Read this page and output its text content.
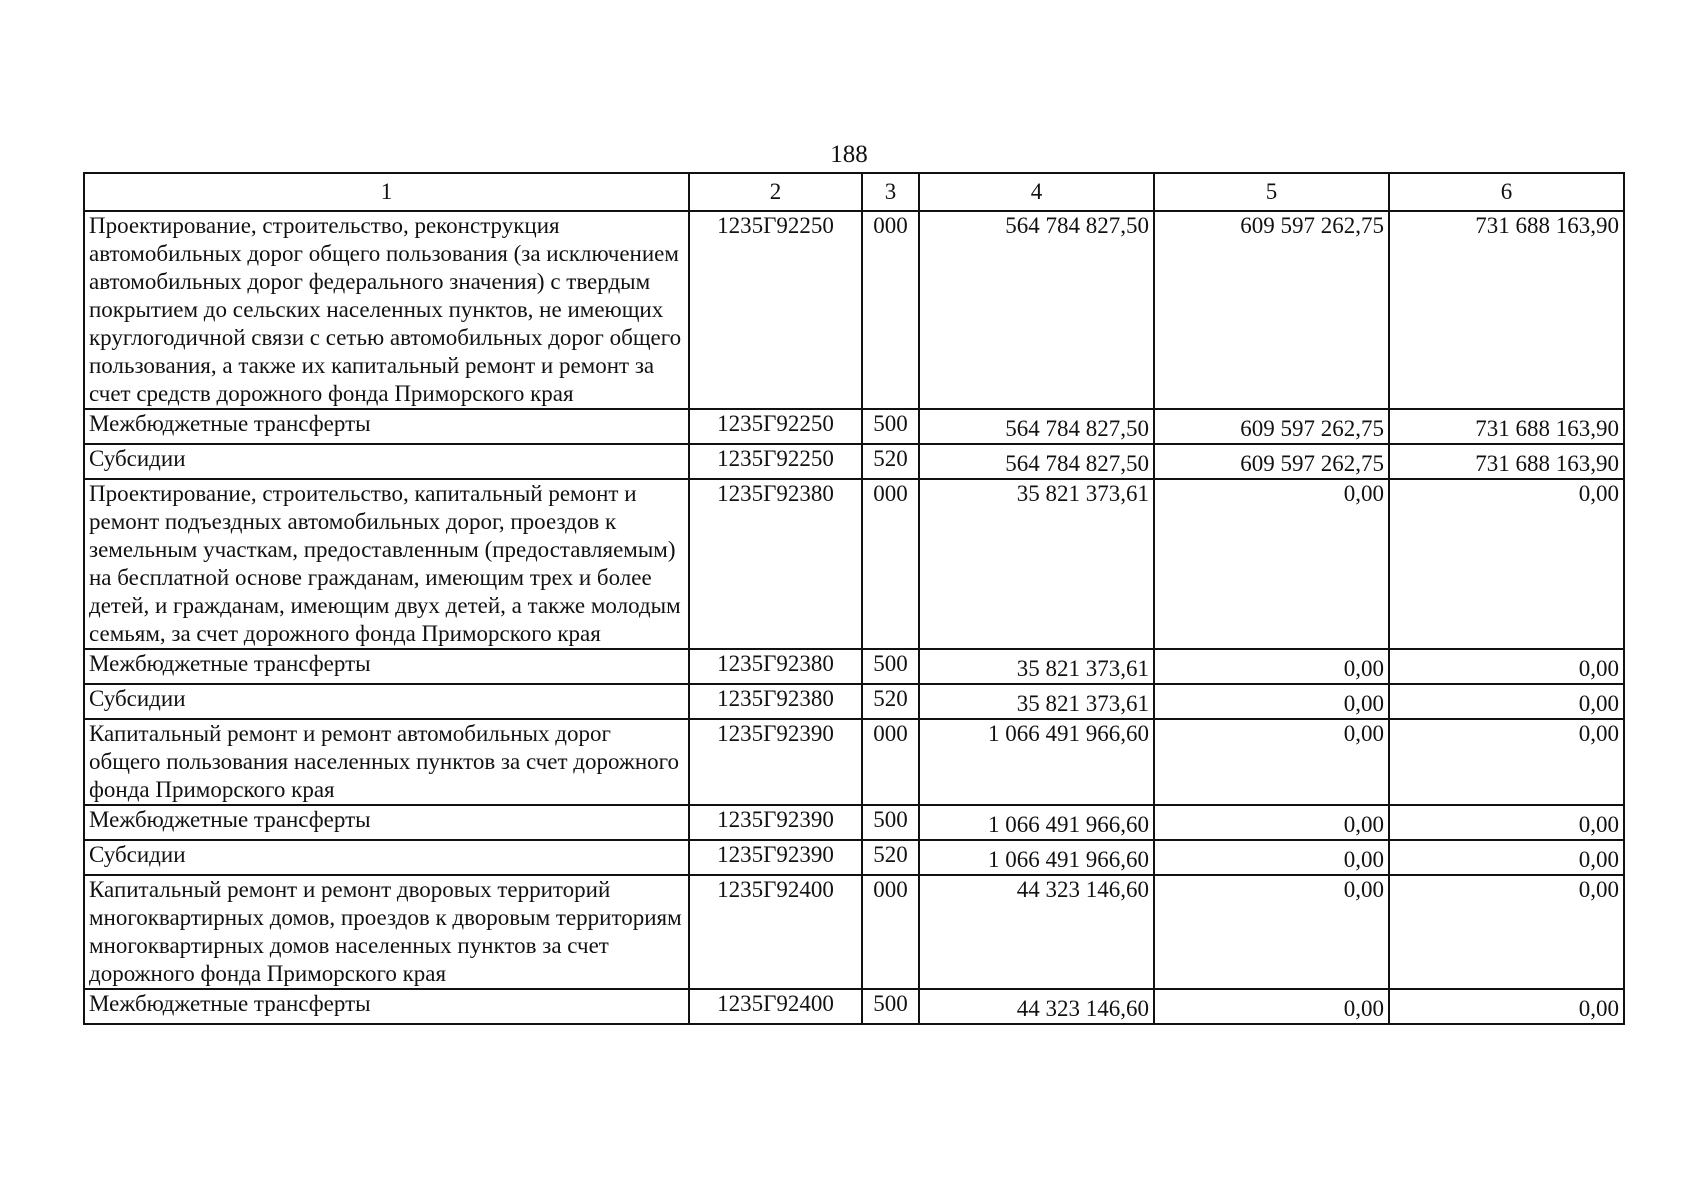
188
1	2	3	4	5	6
Проектирование, строительство, реконструкция автомобильных дорог общего пользования (за исключением автомобильных дорог федерального значения) с твердым покрытием до сельских населенных пунктов, не имеющих круглогодичной связи с сетью автомобильных дорог общего пользования, а также их капитальный ремонт и ремонт за счет средств дорожного фонда Приморского края	1235Г92250	000	564 784 827,50	609 597 262,75	731 688 163,90
Межбюджетные трансферты	1235Г92250	500	564 784 827,50	609 597 262,75	731 688 163,90
Субсидии	1235Г92250	520	564 784 827,50	609 597 262,75	731 688 163,90
Проектирование, строительство, капитальный ремонт и ремонт подъездных автомобильных дорог, проездов к земельным участкам, предоставленным (предоставляемым) на бесплатной основе гражданам, имеющим трех и более детей, и гражданам, имеющим двух детей, а также молодым семьям, за счет дорожного фонда Приморского края	1235Г92380	000	35 821 373,61	0,00	0,00
Межбюджетные трансферты	1235Г92380	500	35 821 373,61	0,00	0,00
Субсидии	1235Г92380	520	35 821 373,61	0,00	0,00
Капитальный ремонт и ремонт автомобильных дорог общего пользования населенных пунктов за счет дорожного фонда Приморского края	1235Г92390	000	1 066 491 966,60	0,00	0,00
Межбюджетные трансферты	1235Г92390	500	1 066 491 966,60	0,00	0,00
Субсидии	1235Г92390	520	1 066 491 966,60	0,00	0,00
Капитальный ремонт и ремонт дворовых территорий многоквартирных домов, проездов к дворовым территориям многоквартирных домов населенных пунктов за счет дорожного фонда Приморского края	1235Г92400	000	44 323 146,60	0,00	0,00
Межбюджетные трансферты	1235Г92400	500	44 323 146,60	0,00	0,00
